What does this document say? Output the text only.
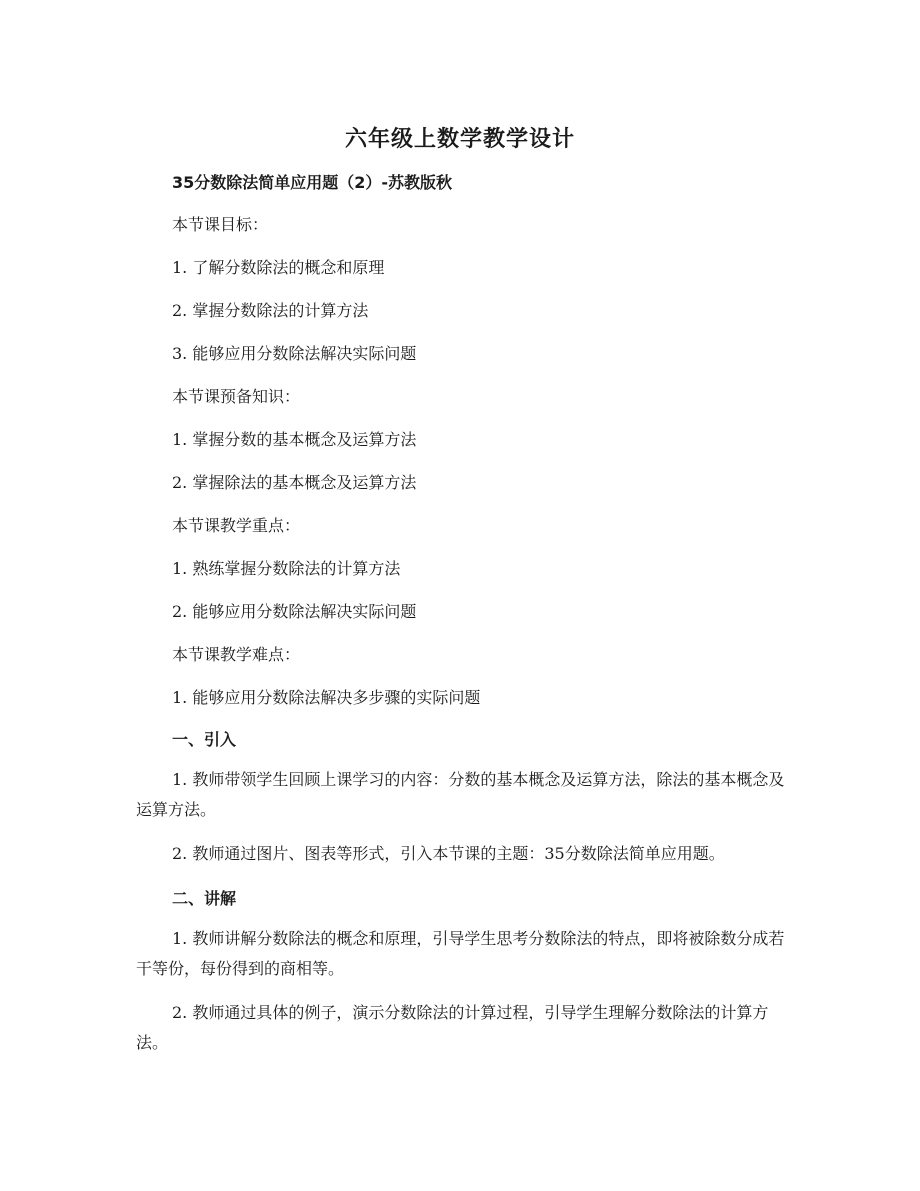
六年级上数学教学设计
35分数除法简单应用题（2）-苏教版秋
本节课目标：
1. 了解分数除法的概念和原理
2. 掌握分数除法的计算方法
3. 能够应用分数除法解决实际问题
本节课预备知识：
1. 掌握分数的基本概念及运算方法
2. 掌握除法的基本概念及运算方法
本节课教学重点：
1. 熟练掌握分数除法的计算方法
2. 能够应用分数除法解决实际问题
本节课教学难点：
1. 能够应用分数除法解决多步骤的实际问题
一、引入
1. 教师带领学生回顾上课学习的内容：分数的基本概念及运算方法，除法的基本概念及运算方法。
2. 教师通过图片、图表等形式，引入本节课的主题：35分数除法简单应用题。
二、讲解
1. 教师讲解分数除法的概念和原理，引导学生思考分数除法的特点，即将被除数分成若干等份，每份得到的商相等。
2. 教师通过具体的例子，演示分数除法的计算过程，引导学生理解分数除法的计算方法。
